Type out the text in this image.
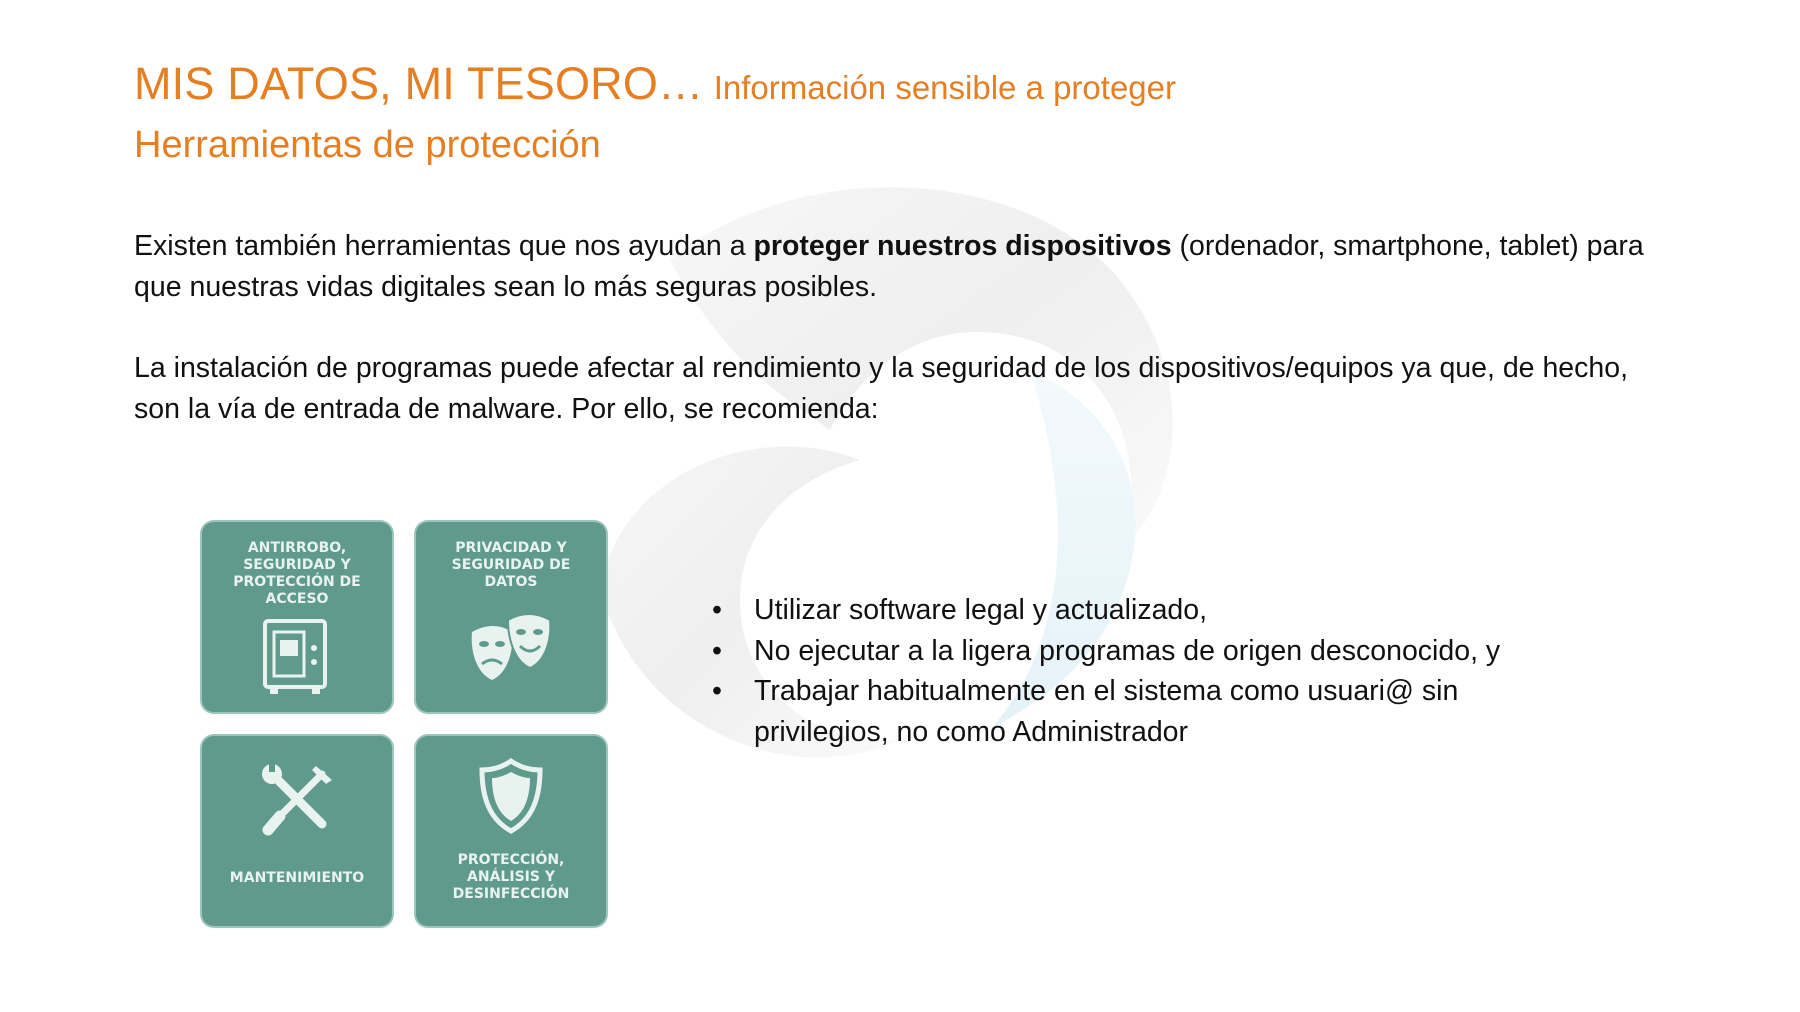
MIS DATOS, MI TESORO… Información sensible a proteger
Herramientas de protección

Existen también herramientas que nos ayudan a proteger nuestros dispositivos (ordenador, smartphone, tablet) para que nuestras vidas digitales sean lo más seguras posibles.

La instalación de programas puede afectar al rendimiento y la seguridad de los dispositivos/equipos ya que, de hecho, son la vía de entrada de malware. Por ello, se recomienda:

ANTIRROBO, SEGURIDAD Y PROTECCIÓN DE ACCESO
PRIVACIDAD Y SEGURIDAD DE DATOS
MANTENIMIENTO
PROTECCIÓN, ANÁLISIS Y DESINFECCIÓN
• Utilizar software legal y actualizado,
• No ejecutar a la ligera programas de origen desconocido, y
• Trabajar habitualmente en el sistema como usuari@ sin privilegios, no como Administrador
